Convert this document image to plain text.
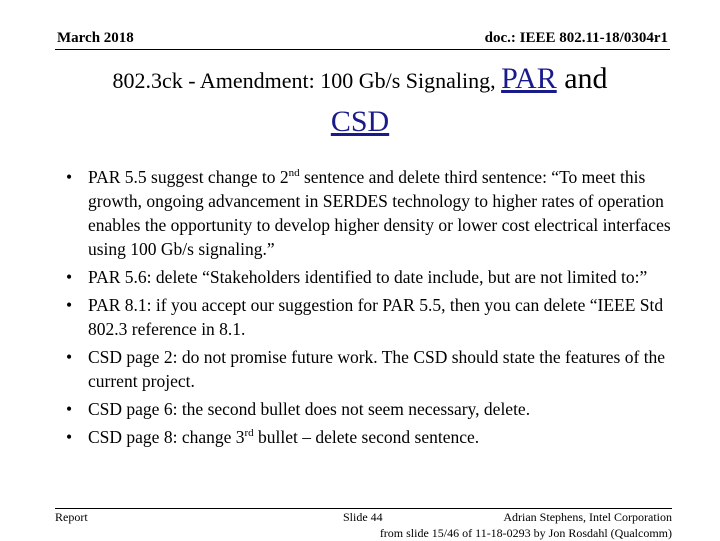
March 2018	doc.: IEEE 802.11-18/0304r1
802.3ck - Amendment: 100 Gb/s Signaling, PAR and
CSD
• PAR 5.5 suggest change to 2nd sentence and delete third sentence: “To meet this growth, ongoing advancement in SERDES technology to higher rates of operation enables the opportunity to develop higher density or lower cost electrical interfaces using 100 Gb/s signaling.”
• PAR 5.6: delete “Stakeholders identified to date include, but are not limited to:”
• PAR 8.1: if you accept our suggestion for PAR 5.5, then you can delete “IEEE Std 802.3 reference in 8.1.
• CSD page 2: do not promise future work. The CSD should state the features of the current project.
• CSD page 6: the second bullet does not seem necessary, delete.
• CSD page 8: change 3rd bullet – delete second sentence.
Report	Slide 44	Adrian Stephens, Intel Corporation
from slide 15/46 of 11-18-0293 by Jon Rosdahl (Qualcomm)
